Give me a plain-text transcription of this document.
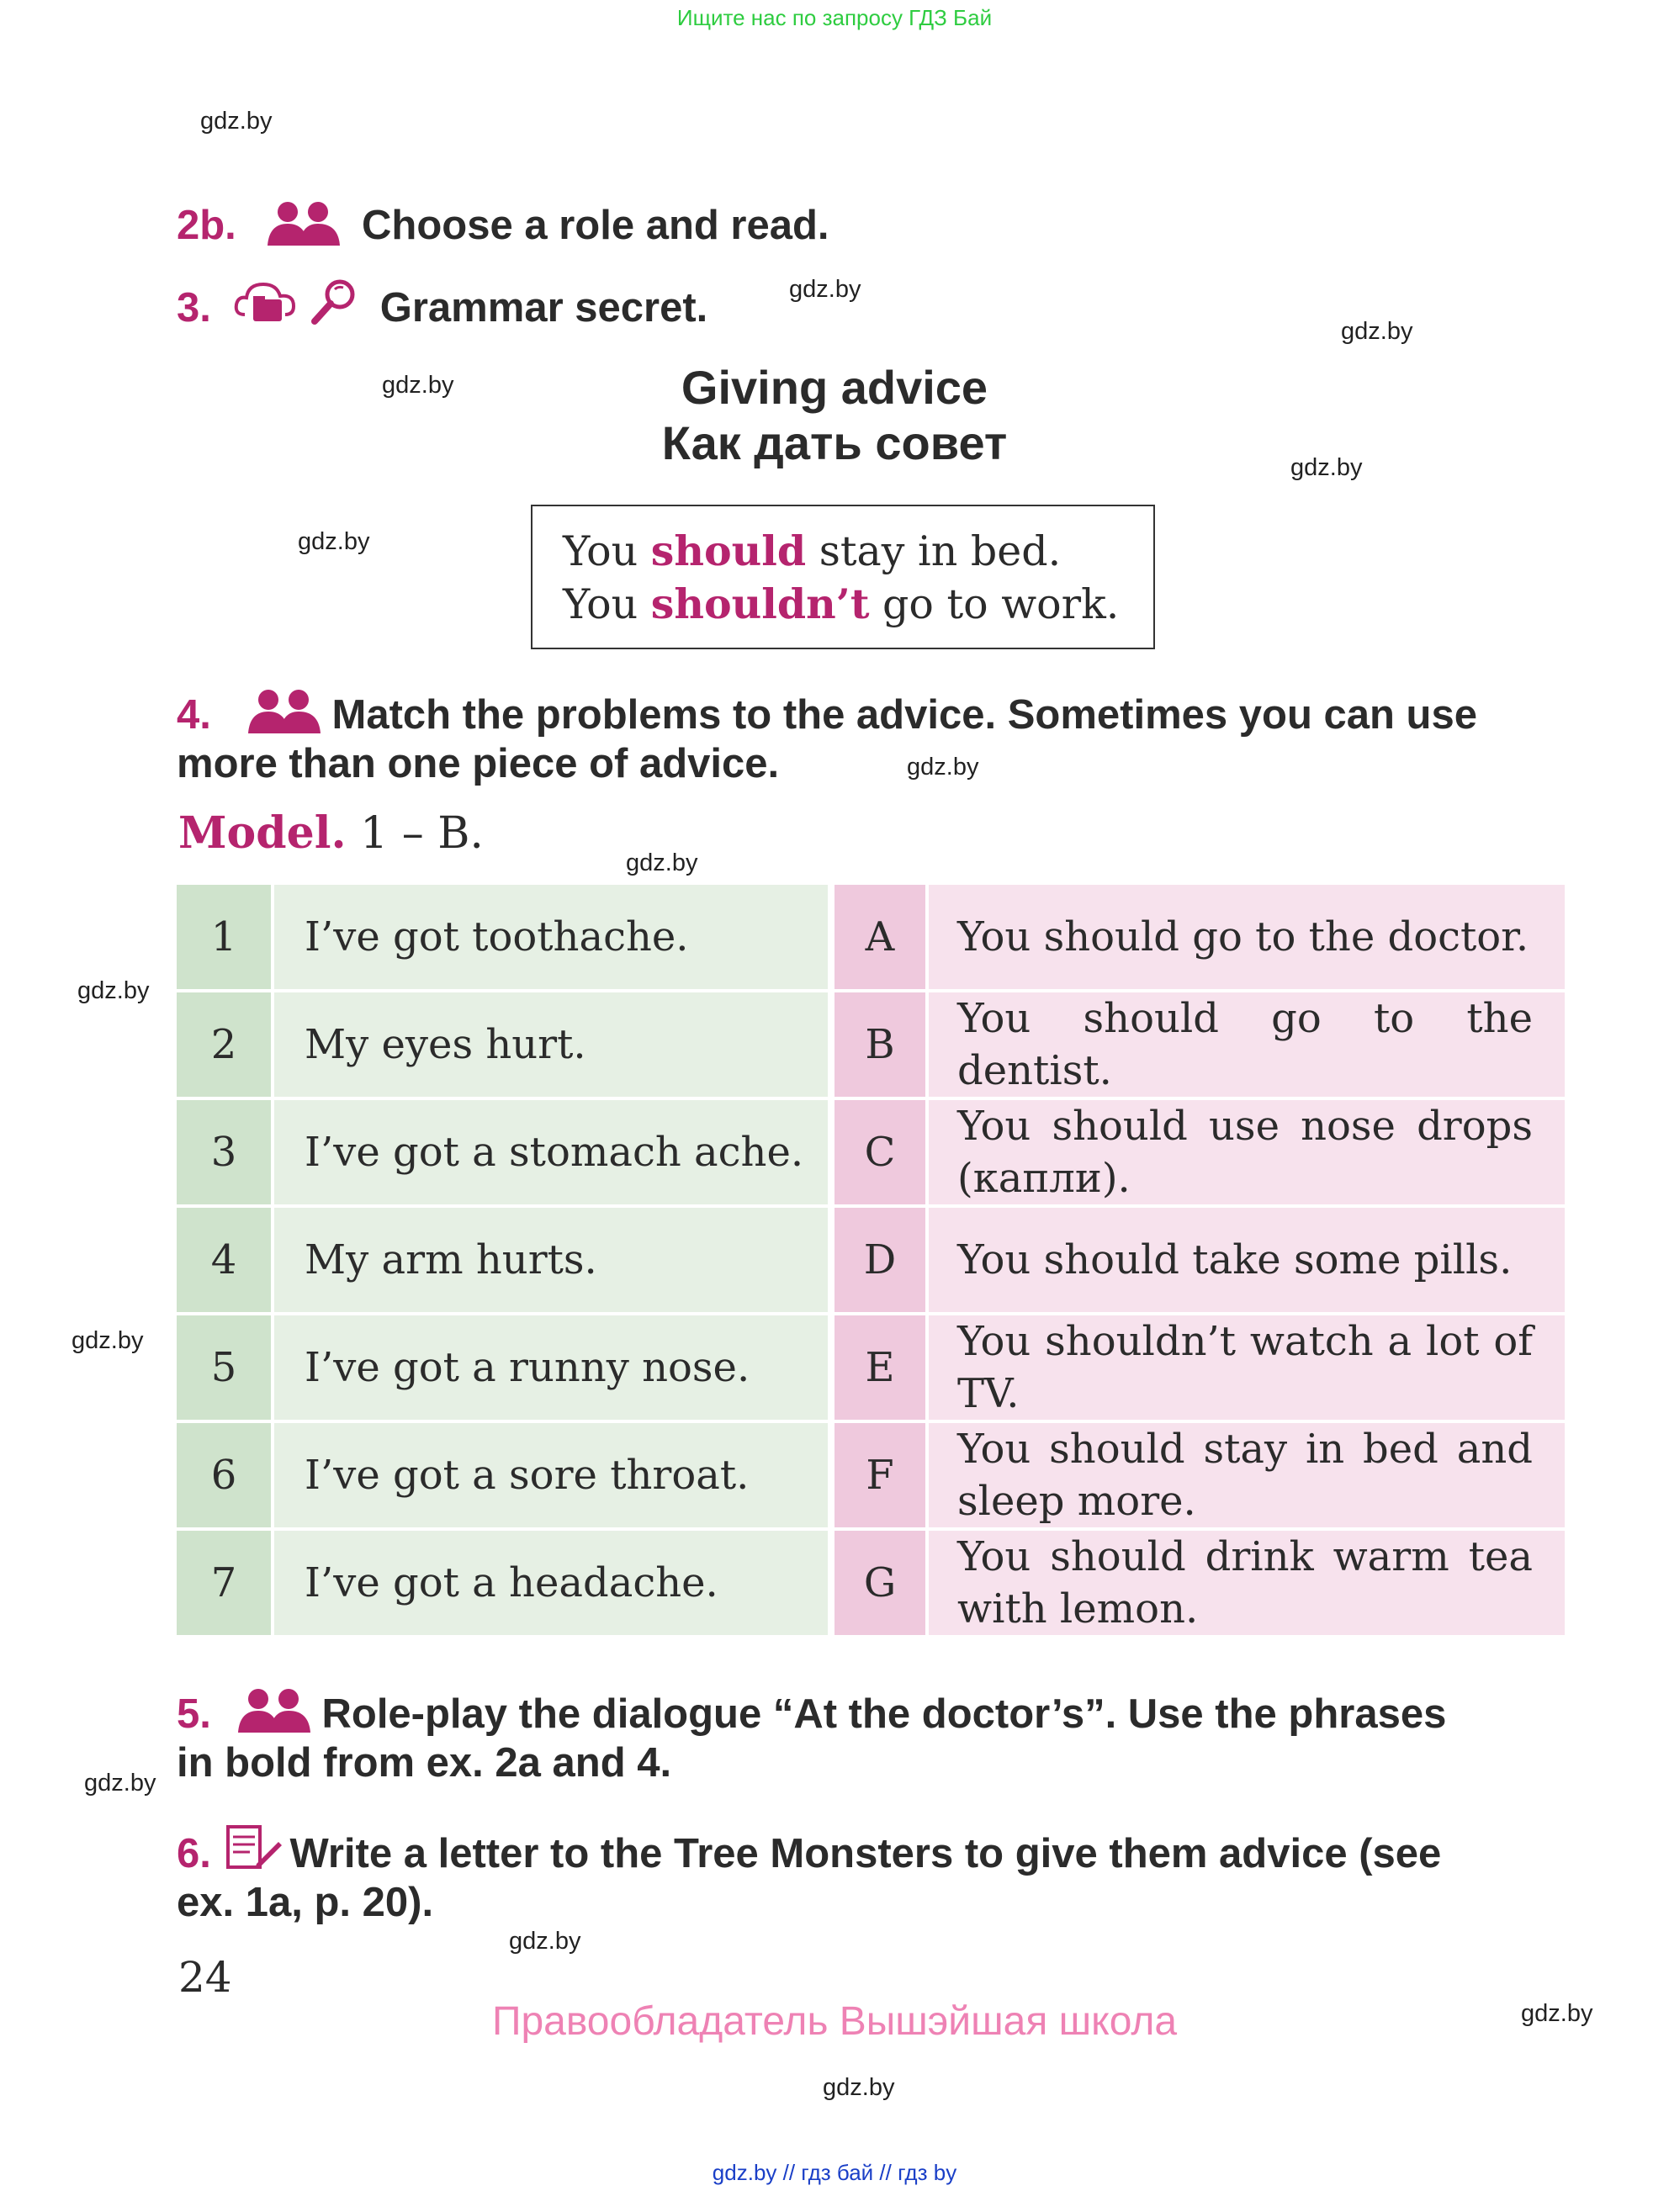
Ищите нас по запросу ГДЗ Бай
gdz.by
gdz.by
gdz.by
gdz.by
gdz.by
gdz.by
gdz.by
gdz.by
gdz.by
gdz.by
gdz.by
gdz.by
gdz.by
gdz.by
2b.	Choose a role and read.
3.
	Grammar secret.
Giving advice
Как дать совет
You should stay in bed.
You shouldn’t go to work.
4.	Match the problems to the advice. Sometimes you can use
more than one piece of advice.
Model. 1 – B.
1	I’ve got toothache.		A	You should go to the doctor.
2	My eyes hurt.		B	You should go to the dentist.
3	I’ve got a stomach ache.		C	You should use nose drops (капли).
4	My arm hurts.		D	You should take some pills.
5	I’ve got a runny nose.		E	You shouldn’t watch a lot of TV.
6	I’ve got a sore throat.		F	You should stay in bed and sleep more.
7	I’ve got a headache.		G	You should drink warm tea with lemon.
5.	Role-play the dialogue “At the doctor’s”. Use the phrases
in bold from ex. 2a and 4.
6. Write a letter to the Tree Monsters to give them advice (see
ex. 1a, p. 20).
24
Правообладатель Вышэйшая школа
gdz.by // гдз бай // гдз by
